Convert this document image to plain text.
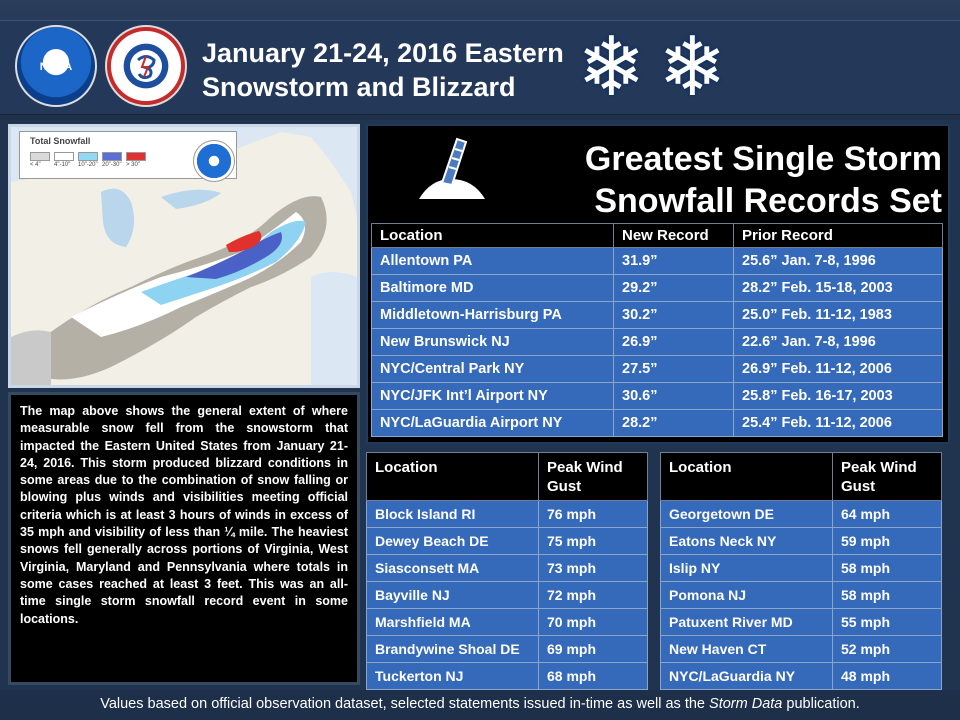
NOAA	January 21-24, 2016 Eastern
Snowstorm and Blizzard ❄ ❄
Total Snowfall
< 4" 4"-10" 10"-20" 20"-30" > 30"

The map above shows the general extent of where measurable snow fell from the snowstorm that impacted the Eastern United States from January 21-24, 2016. This storm produced blizzard conditions in some areas due to the combination of snow falling or blowing plus winds and visibilities meeting official criteria which is at least 3 hours of winds in excess of 35 mph and visibility of less than ¼ mile. The heaviest snows fell generally across portions of Virginia, West Virginia, Maryland and Pennsylvania where totals in some cases reached at least 3 feet. This was an all-time single storm snowfall record event in some locations.

Greatest Single Storm
Snowfall Records Set
Location	New Record	Prior Record
Allentown PA	31.9”	25.6” Jan. 7-8, 1996
Baltimore MD	29.2”	28.2” Feb. 15-18, 2003
Middletown-Harrisburg PA	30.2”	25.0” Feb. 11-12, 1983
New Brunswick NJ	26.9”	22.6” Jan. 7-8, 1996
NYC/Central Park NY	27.5”	26.9” Feb. 11-12, 2006
NYC/JFK Int’l Airport NY	30.6”	25.8” Feb. 16-17, 2003
NYC/LaGuardia Airport NY	28.2”	25.4” Feb. 11-12, 2006
Location	Peak Wind Gust
Block Island RI	76 mph
Dewey Beach DE	75 mph
Siasconsett MA	73 mph
Bayville NJ	72 mph
Marshfield MA	70 mph
Brandywine Shoal DE	69 mph
Tuckerton NJ	68 mph
Location	Peak Wind Gust
Georgetown DE	64 mph
Eatons Neck NY	59 mph
Islip NY	58 mph
Pomona NJ	58 mph
Patuxent River MD	55 mph
New Haven CT	52 mph
NYC/LaGuardia NY	48 mph
Values based on official observation dataset, selected statements issued in-time as well as the Storm Data publication.
